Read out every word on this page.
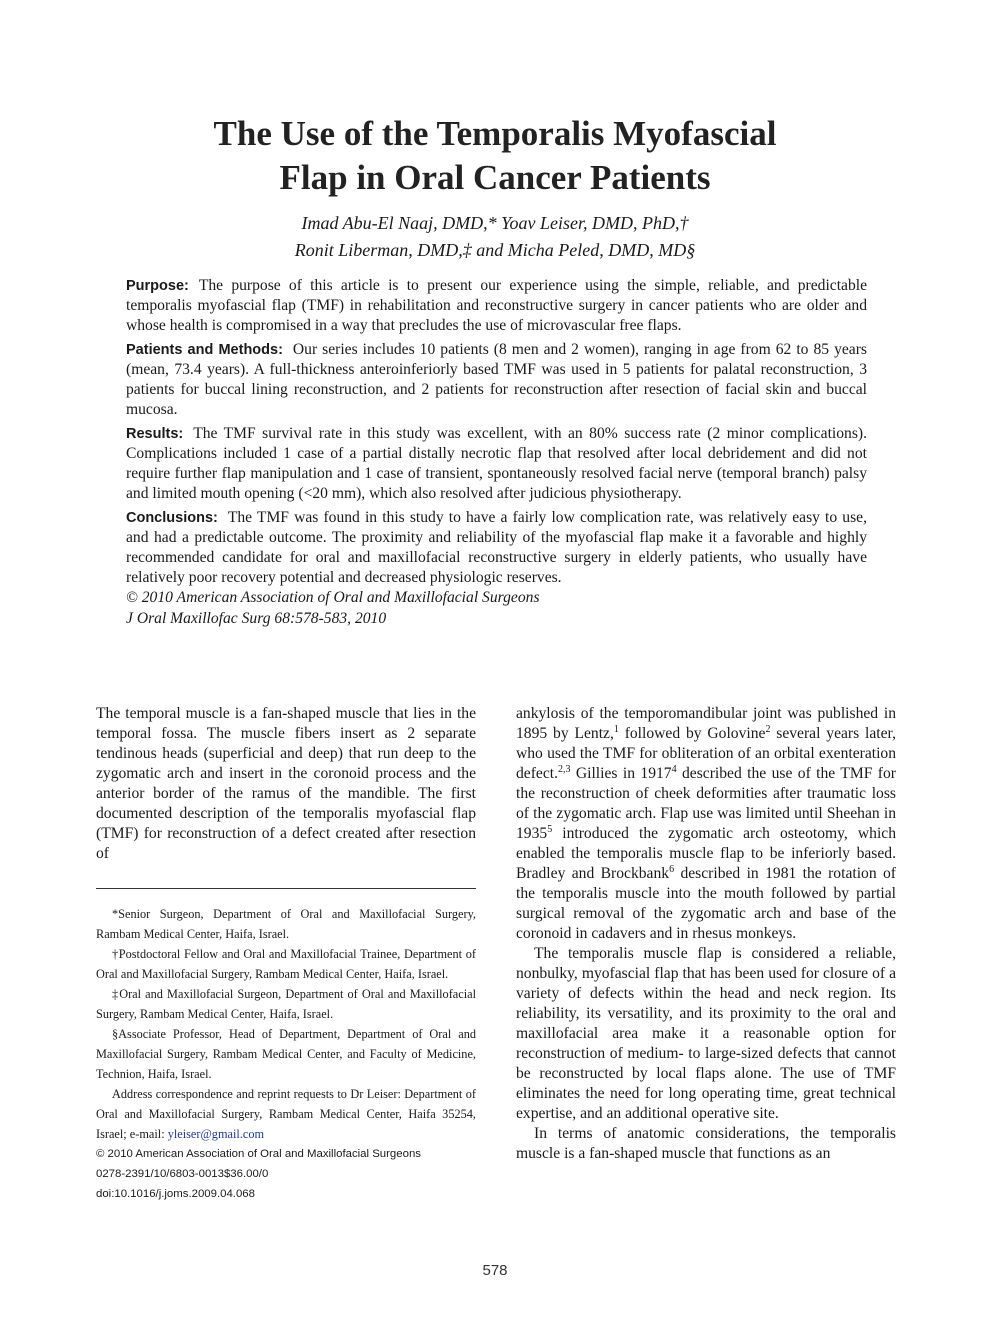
The Use of the Temporalis Myofascial
Flap in Oral Cancer Patients
Imad Abu-El Naaj, DMD,* Yoav Leiser, DMD, PhD,†
Ronit Liberman, DMD,‡ and Micha Peled, DMD, MD§

Purpose: The purpose of this article is to present our experience using the simple, reliable, and predictable temporalis myofascial flap (TMF) in rehabilitation and reconstructive surgery in cancer patients who are older and whose health is compromised in a way that precludes the use of microvascular free flaps.

Patients and Methods: Our series includes 10 patients (8 men and 2 women), ranging in age from 62 to 85 years (mean, 73.4 years). A full-thickness anteroinferiorly based TMF was used in 5 patients for palatal reconstruction, 3 patients for buccal lining reconstruction, and 2 patients for reconstruction after resection of facial skin and buccal mucosa.

Results: The TMF survival rate in this study was excellent, with an 80% success rate (2 minor complications). Complications included 1 case of a partial distally necrotic flap that resolved after local debridement and did not require further flap manipulation and 1 case of transient, spontaneously resolved facial nerve (temporal branch) palsy and limited mouth opening (<20 mm), which also resolved after judicious physiotherapy.

Conclusions: The TMF was found in this study to have a fairly low complication rate, was relatively easy to use, and had a predictable outcome. The proximity and reliability of the myofascial flap make it a favorable and highly recommended candidate for oral and maxillofacial reconstructive surgery in elderly patients, who usually have relatively poor recovery potential and decreased physiologic reserves.

© 2010 American Association of Oral and Maxillofacial Surgeons

J Oral Maxillofac Surg 68:578-583, 2010

The temporal muscle is a fan-shaped muscle that lies in the temporal fossa. The muscle fibers insert as 2 separate tendinous heads (superficial and deep) that run deep to the zygomatic arch and insert in the coronoid process and the anterior border of the ramus of the mandible. The first documented description of the temporalis myofascial flap (TMF) for reconstruction of a defect created after resection of

*Senior Surgeon, Department of Oral and Maxillofacial Surgery, Rambam Medical Center, Haifa, Israel.

†Postdoctoral Fellow and Oral and Maxillofacial Trainee, Department of Oral and Maxillofacial Surgery, Rambam Medical Center, Haifa, Israel.

‡Oral and Maxillofacial Surgeon, Department of Oral and Maxillofacial Surgery, Rambam Medical Center, Haifa, Israel.

§Associate Professor, Head of Department, Department of Oral and Maxillofacial Surgery, Rambam Medical Center, and Faculty of Medicine, Technion, Haifa, Israel.

Address correspondence and reprint requests to Dr Leiser: Department of Oral and Maxillofacial Surgery, Rambam Medical Center, Haifa 35254, Israel; e-mail: yleiser@gmail.com

© 2010 American Association of Oral and Maxillofacial Surgeons

0278-2391/10/6803-0013$36.00/0

doi:10.1016/j.joms.2009.04.068

ankylosis of the temporomandibular joint was published in 1895 by Lentz,$^1$ followed by Golovine$^2$ several years later, who used the TMF for obliteration of an orbital exenteration defect.$^{2,3}$ Gillies in 1917$^4$ described the use of the TMF for the reconstruction of cheek deformities after traumatic loss of the zygomatic arch. Flap use was limited until Sheehan in 1935$^5$ introduced the zygomatic arch osteotomy, which enabled the temporalis muscle flap to be inferiorly based. Bradley and Brockbank$^6$ described in 1981 the rotation of the temporalis muscle into the mouth followed by partial surgical removal of the zygomatic arch and base of the coronoid in cadavers and in rhesus monkeys.

The temporalis muscle flap is considered a reliable, nonbulky, myofascial flap that has been used for closure of a variety of defects within the head and neck region. Its reliability, its versatility, and its proximity to the oral and maxillofacial area make it a reasonable option for reconstruction of medium- to large-sized defects that cannot be reconstructed by local flaps alone. The use of TMF eliminates the need for long operating time, great technical expertise, and an additional operative site.

In terms of anatomic considerations, the temporalis muscle is a fan-shaped muscle that functions as an

578
